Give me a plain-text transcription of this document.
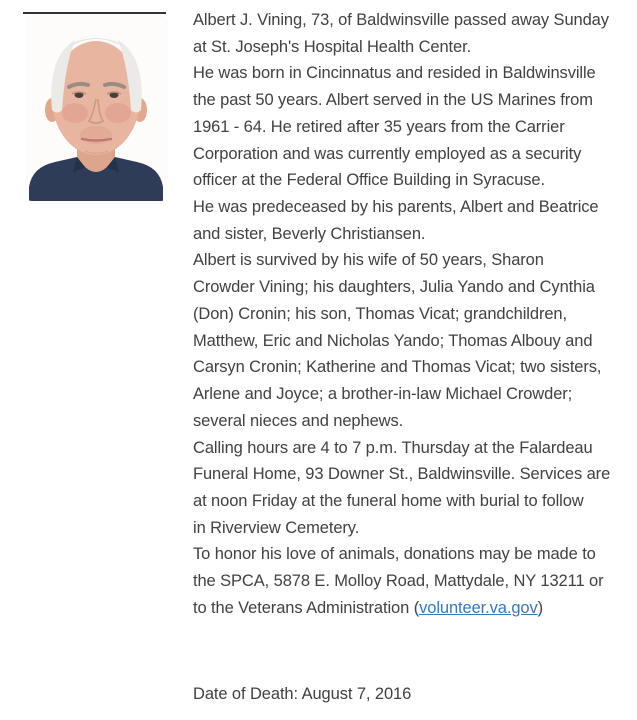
Albert J. Vining, 73, of Baldwinsville passed away Sunday
at St. Joseph's Hospital Health Center.
He was born in Cincinnatus and resided in Baldwinsville
the past 50 years. Albert served in the US Marines from
1961 - 64. He retired after 35 years from the Carrier
Corporation and was currently employed as a security
officer at the Federal Office Building in Syracuse.
He was predeceased by his parents, Albert and Beatrice
and sister, Beverly Christiansen.
Albert is survived by his wife of 50 years, Sharon
Crowder Vining; his daughters, Julia Yando and Cynthia
(Don) Cronin; his son, Thomas Vicat; grandchildren,
Matthew, Eric and Nicholas Yando; Thomas Albouy and
Carsyn Cronin; Katherine and Thomas Vicat; two sisters,
Arlene and Joyce; a brother-in-law Michael Crowder;
several nieces and nephews.
Calling hours are 4 to 7 p.m. Thursday at the Falardeau
Funeral Home, 93 Downer St., Baldwinsville. Services are
at noon Friday at the funeral home with burial to follow
in Riverview Cemetery.
To honor his love of animals, donations may be made to
the SPCA, 5878 E. Molloy Road, Mattydale, NY 13211 or
to the Veterans Administration (volunteer.va.gov)
Date of Death: August 7, 2016
